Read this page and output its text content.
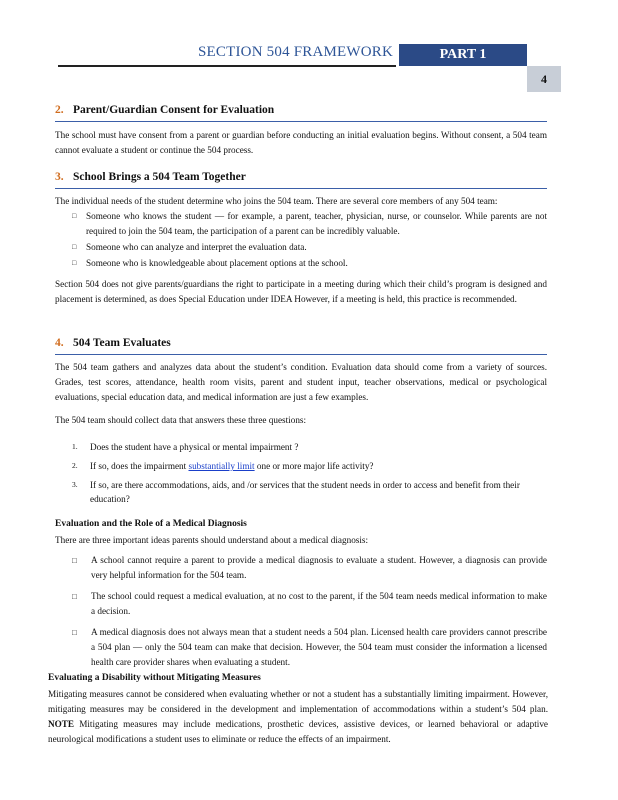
SECTION 504 FRAMEWORK	PART 1
4
2. Parent/Guardian Consent for Evaluation

The school must have consent from a parent or guardian before conducting an initial evaluation begins. Without consent, a 504 team cannot evaluate a student or continue the 504 process.

3. School Brings a 504 Team Together

The individual needs of the student determine who joins the 504 team. There are several core members of any 504 team:

□ Someone who knows the student — for example, a parent, teacher, physician, nurse, or counselor. While parents are not required to join the 504 team, the participation of a parent can be incredibly valuable.
□ Someone who can analyze and interpret the evaluation data.
□ Someone who is knowledgeable about placement options at the school.

Section 504 does not give parents/guardians the right to participate in a meeting during which their child’s program is designed and placement is determined, as does Special Education under IDEA However, if a meeting is held, this practice is recommended.

4. 504 Team Evaluates

The 504 team gathers and analyzes data about the student’s condition. Evaluation data should come from a variety of sources. Grades, test scores, attendance, health room visits, parent and student input, teacher observations, medical or psychological evaluations, special education data, and medical information are just a few examples.

The 504 team should collect data that answers these three questions:

1. Does the student have a physical or mental impairment ?
2. If so, does the impairment substantially limit one or more major life activity?
3. If so, are there accommodations, aids, and /or services that the student needs in order to access and benefit from their education?
Evaluation and the Role of a Medical Diagnosis

There are three important ideas parents should understand about a medical diagnosis:

□ A school cannot require a parent to provide a medical diagnosis to evaluate a student. However, a diagnosis can provide very helpful information for the 504 team.
□ The school could request a medical evaluation, at no cost to the parent, if the 504 team needs medical information to make a decision.
□ A medical diagnosis does not always mean that a student needs a 504 plan. Licensed health care providers cannot prescribe a 504 plan — only the 504 team can make that decision. However, the 504 team must consider the information a licensed health care provider shares when evaluating a student.
Evaluating a Disability without Mitigating Measures

Mitigating measures cannot be considered when evaluating whether or not a student has a substantially limiting impairment. However, mitigating measures may be considered in the development and implementation of accommodations within a student’s 504 plan. NOTE Mitigating measures may include medications, prosthetic devices, assistive devices, or learned behavioral or adaptive neurological modifications a student uses to eliminate or reduce the effects of an impairment.
